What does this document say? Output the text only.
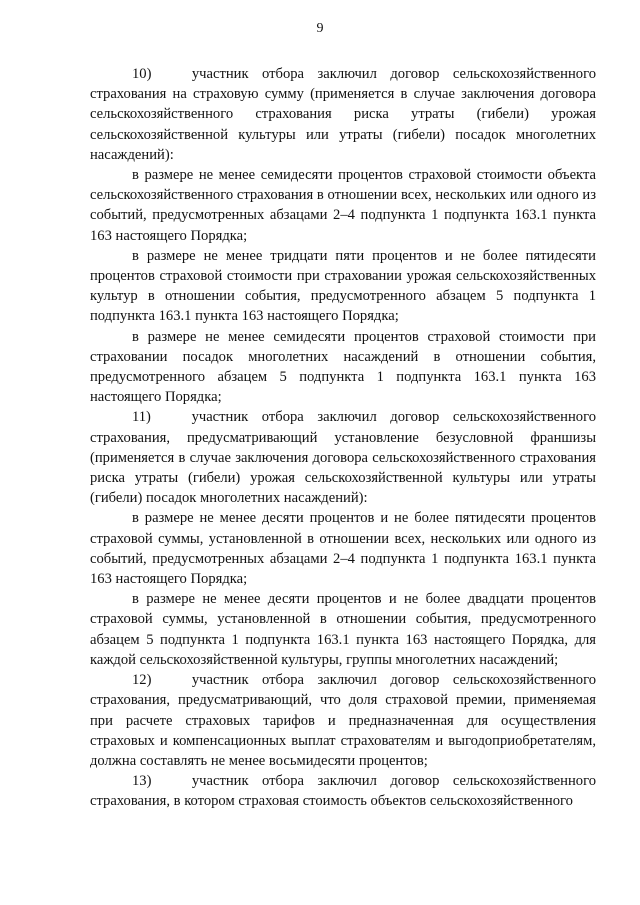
9

10)   участник отбора заключил договор сельскохозяйственного страхования на страховую сумму (применяется в случае заключения договора сельскохозяйственного страхования риска утраты (гибели) урожая сельскохозяйственной культуры или утраты (гибели) посадок многолетних насаждений):

в размере не менее семидесяти процентов страховой стоимости объекта сельскохозяйственного страхования в отношении всех, нескольких или одного из событий, предусмотренных абзацами 2–4 подпункта 1 подпункта 163.1 пункта 163 настоящего Порядка;

в размере не менее тридцати пяти процентов и не более пятидесяти процентов страховой стоимости при страховании урожая сельскохозяйственных культур в отношении события, предусмотренного абзацем 5 подпункта 1 подпункта 163.1 пункта 163 настоящего Порядка;

в размере не менее семидесяти процентов страховой стоимости при страховании посадок многолетних насаждений в отношении события, предусмотренного абзацем 5 подпункта 1 подпункта 163.1 пункта 163 настоящего Порядка;

11)   участник отбора заключил договор сельскохозяйственного страхования, предусматривающий установление безусловной франшизы (применяется в случае заключения договора сельскохозяйственного страхования риска утраты (гибели) урожая сельскохозяйственной культуры или утраты (гибели) посадок многолетних насаждений):

в размере не менее десяти процентов и не более пятидесяти процентов страховой суммы, установленной в отношении всех, нескольких или одного из событий, предусмотренных абзацами 2–4 подпункта 1 подпункта 163.1 пункта 163 настоящего Порядка;

в размере не менее десяти процентов и не более двадцати процентов страховой суммы, установленной в отношении события, предусмотренного абзацем 5 подпункта 1 подпункта 163.1 пункта 163 настоящего Порядка, для каждой сельскохозяйственной культуры, группы многолетних насаждений;

12)   участник отбора заключил договор сельскохозяйственного страхования, предусматривающий, что доля страховой премии, применяемая при расчете страховых тарифов и предназначенная для осуществления страховых и компенсационных выплат страхователям и выгодоприобретателям, должна составлять не менее восьмидесяти процентов;

13)   участник отбора заключил договор сельскохозяйственного страхования, в котором страховая стоимость объектов сельскохозяйственного
